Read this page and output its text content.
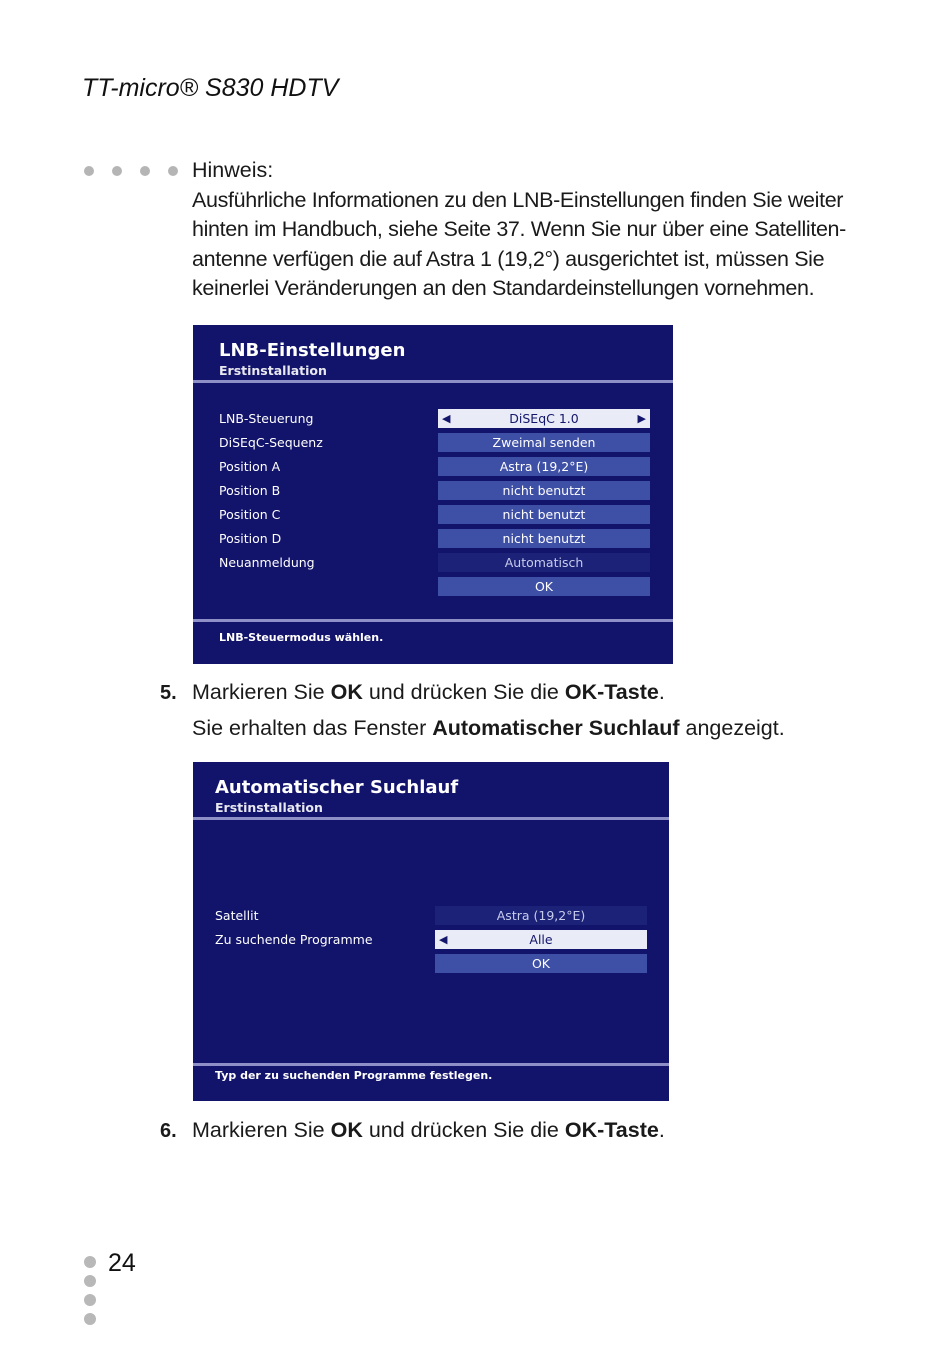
TT-micro® S830 HDTV
Hinweis:
Ausführliche Informationen zu den LNB-Einstellungen finden Sie weiter
hinten im Handbuch, siehe Seite 37. Wenn Sie nur über eine Satelliten-
antenne verfügen die auf Astra 1 (19,2°) ausgerichtet ist, müssen Sie
keinerlei Veränderungen an den Standardeinstellungen vornehmen.
LNB-Einstellungen
Erstinstallation
LNB-Steuerung	◀	DiSEqC 1.0	▶
DiSEqC-Sequenz	Zweimal senden
Position A	Astra (19,2°E)
Position B	nicht benutzt
Position C	nicht benutzt
Position D	nicht benutzt
Neuanmeldung	Automatisch
OK
LNB-Steuermodus wählen.
5. Markieren Sie OK und drücken Sie die OK-Taste.
Sie erhalten das Fenster Automatischer Suchlauf angezeigt.
Automatischer Suchlauf
Erstinstallation
Satellit	Astra (19,2°E)
Zu suchende Programme	◀	Alle
OK
Typ der zu suchenden Programme festlegen.
6. Markieren Sie OK und drücken Sie die OK-Taste.
24
